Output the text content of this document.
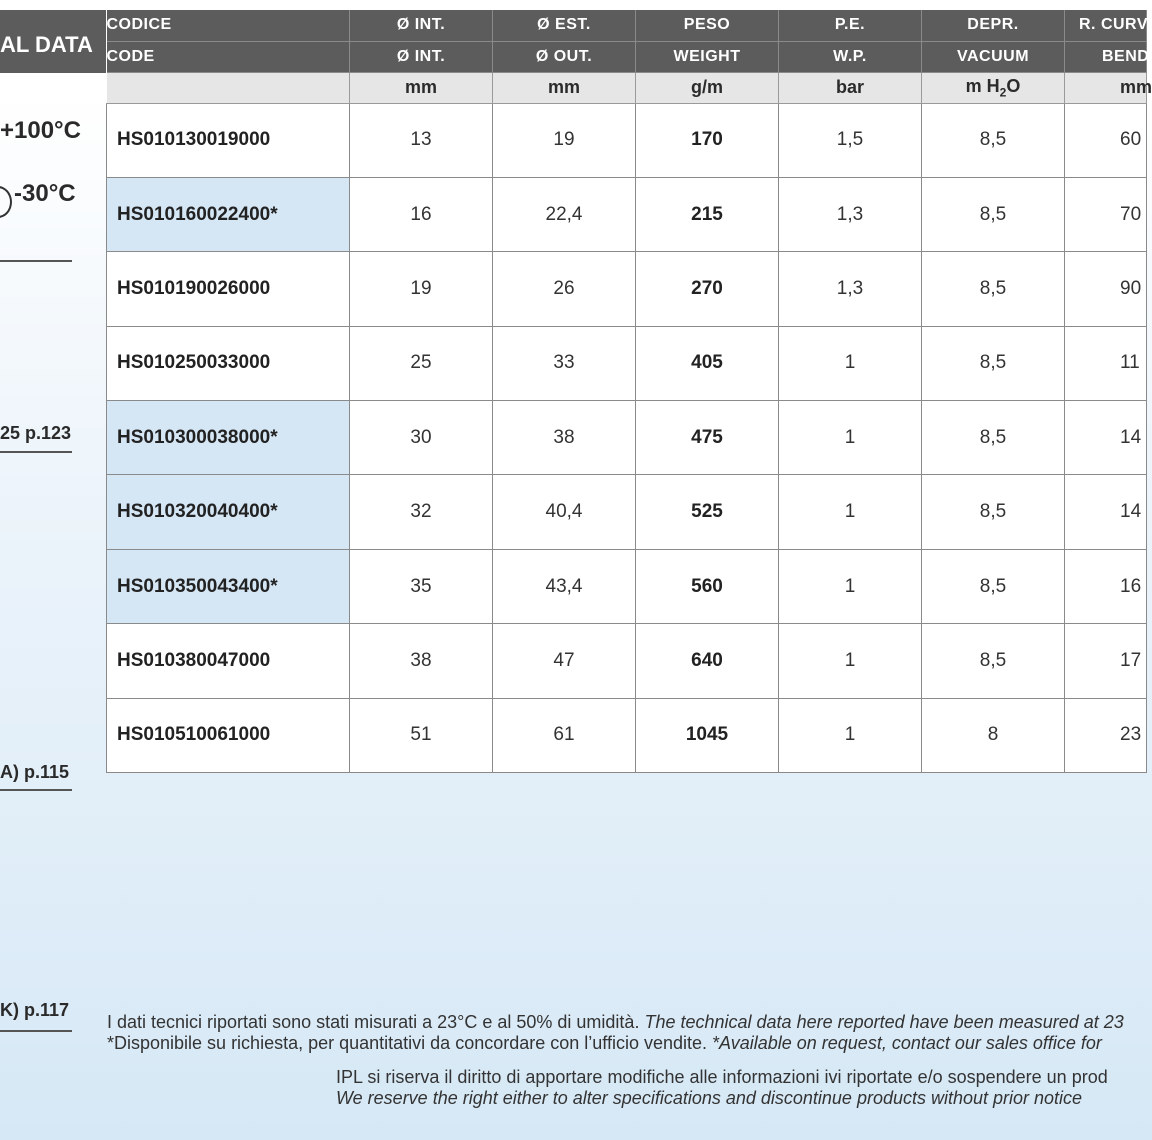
AL DATA
+100°C
-30°C
25 p.123
A) p.115
K) p.117
CODICE	Ø INT.	Ø EST.	PESO	P.E.	DEPR.	R. CURV
CODE	Ø INT.	Ø OUT.	WEIGHT	W.P.	VACUUM	BEND
	mm	mm	g/m	bar	m $H_2O$	mm
HS010130019000	13	19	170	1,5	8,5	60
HS010160022400*	16	22,4	215	1,3	8,5	70
HS010190026000	19	26	270	1,3	8,5	90
HS010250033000	25	33	405	1	8,5	11
HS010300038000*	30	38	475	1	8,5	14
HS010320040400*	32	40,4	525	1	8,5	14
HS010350043400*	35	43,4	560	1	8,5	16
HS010380047000	38	47	640	1	8,5	17
HS010510061000	51	61	1045	1	8	23
I dati tecnici riportati sono stati misurati a 23°C e al 50% di umidità. The technical data here reported have been measured at 23
*Disponibile su richiesta, per quantitativi da concordare con l’ufficio vendite. *Available on request, contact our sales office for
IPL si riserva il diritto di apportare modifiche alle informazioni ivi riportate e/o sospendere un prod
We reserve the right either to alter specifications and discontinue products without prior notice
